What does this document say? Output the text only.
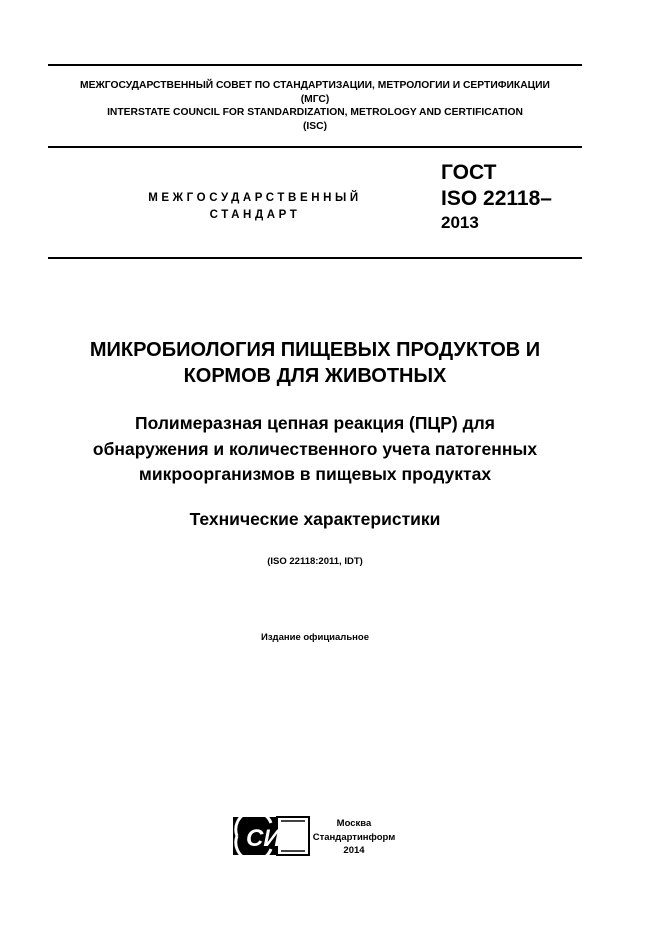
МЕЖГОСУДАРСТВЕННЫЙ СОВЕТ ПО СТАНДАРТИЗАЦИИ, МЕТРОЛОГИИ И СЕРТИФИКАЦИИ
(МГС)
INTERSTATE COUNCIL FOR STANDARDIZATION, METROLOGY AND CERTIFICATION
(ISC)
МЕЖГОСУДАРСТВЕННЫЙ
СТАНДАРТ
ГОСТ
ISO 22118–
2013
МИКРОБИОЛОГИЯ ПИЩЕВЫХ ПРОДУКТОВ И
КОРМОВ ДЛЯ ЖИВОТНЫХ
Полимеразная цепная реакция (ПЦР) для
обнаружения и количественного учета патогенных
микроорганизмов в пищевых продуктах
Технические характеристики
(ISO 22118:2011, IDT)
Издание официальное
СИ
Москва
Стандартинформ
2014
